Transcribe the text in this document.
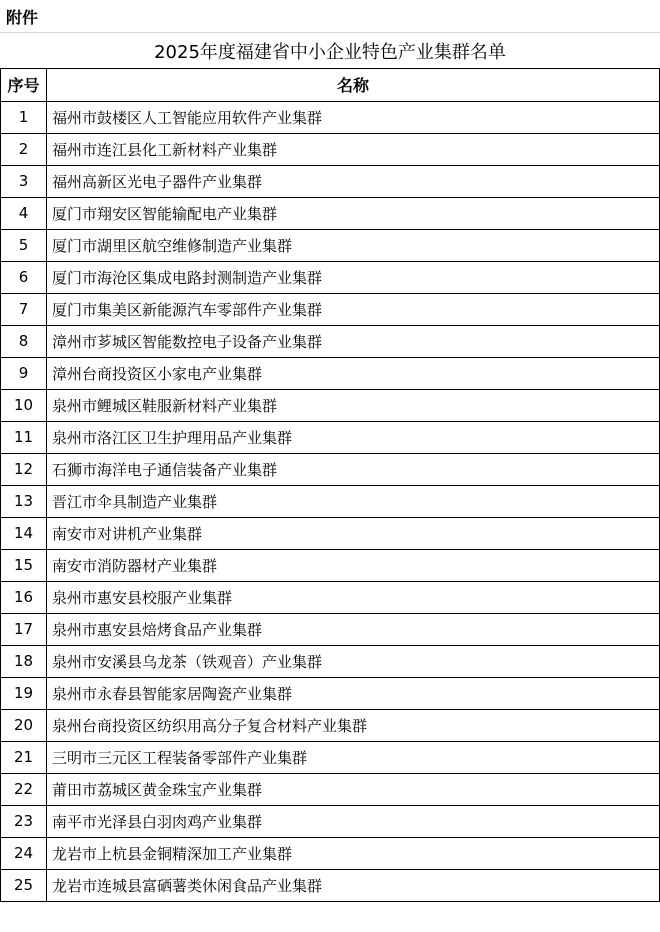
附件
2025年度福建省中小企业特色产业集群名单
序号	名称
1	福州市鼓楼区人工智能应用软件产业集群
2	福州市连江县化工新材料产业集群
3	福州高新区光电子器件产业集群
4	厦门市翔安区智能输配电产业集群
5	厦门市湖里区航空维修制造产业集群
6	厦门市海沧区集成电路封测制造产业集群
7	厦门市集美区新能源汽车零部件产业集群
8	漳州市芗城区智能数控电子设备产业集群
9	漳州台商投资区小家电产业集群
10	泉州市鲤城区鞋服新材料产业集群
11	泉州市洛江区卫生护理用品产业集群
12	石狮市海洋电子通信装备产业集群
13	晋江市伞具制造产业集群
14	南安市对讲机产业集群
15	南安市消防器材产业集群
16	泉州市惠安县校服产业集群
17	泉州市惠安县焙烤食品产业集群
18	泉州市安溪县乌龙茶（铁观音）产业集群
19	泉州市永春县智能家居陶瓷产业集群
20	泉州台商投资区纺织用高分子复合材料产业集群
21	三明市三元区工程装备零部件产业集群
22	莆田市荔城区黄金珠宝产业集群
23	南平市光泽县白羽肉鸡产业集群
24	龙岩市上杭县金铜精深加工产业集群
25	龙岩市连城县富硒薯类休闲食品产业集群
